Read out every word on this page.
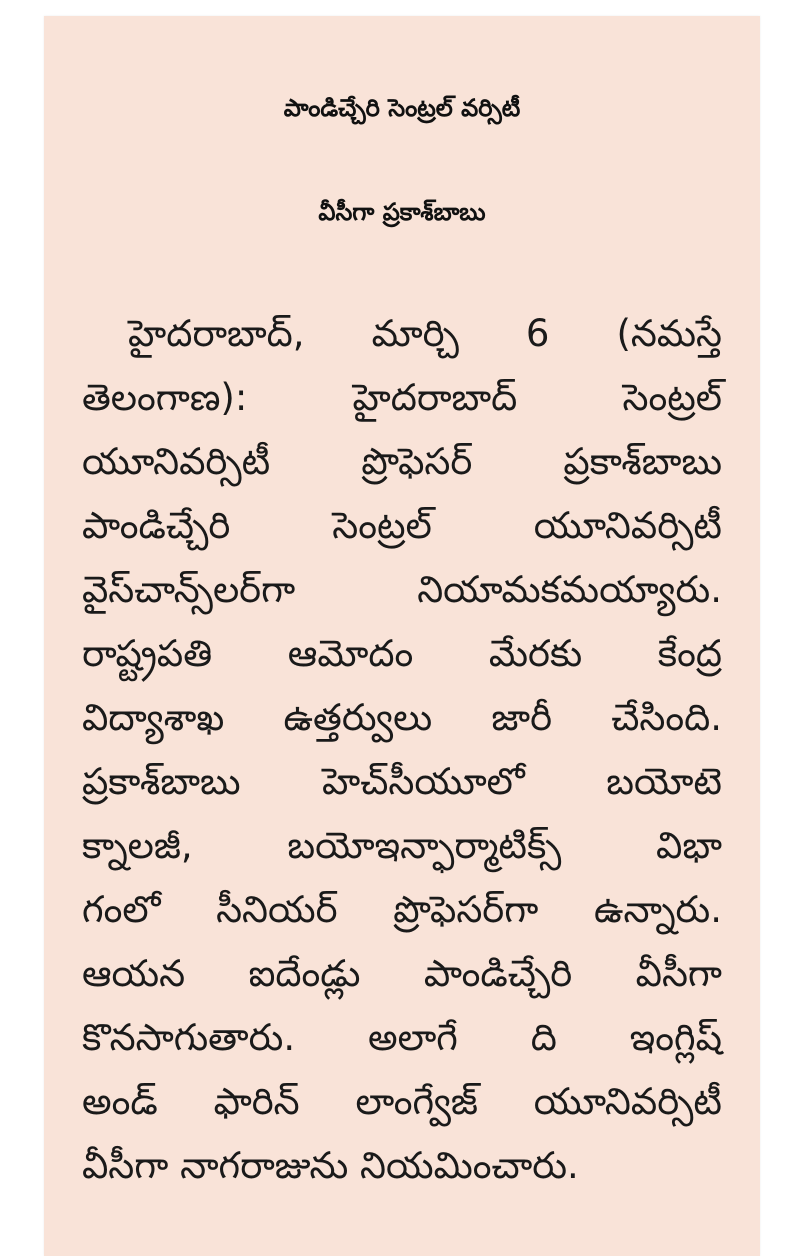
పాండిచ్చేరి సెంట్రల్ వర్సిటీ
వీసీగా ప్రకాశ్‌బాబు
హైదరాబాద్, మార్చి 6 (నమస్తే
తెలంగాణ): హైదరాబాద్ సెంట్రల్
యూనివర్సిటీ ప్రొఫెసర్ ప్రకాశ్‌బాబు
పాండిచ్చేరి సెంట్రల్ యూనివర్సిటీ
వైస్‌చాన్స్‌లర్‌గా నియామకమయ్యారు.
రాష్ట్రపతి ఆమోదం మేరకు కేంద్ర
విద్యాశాఖ ఉత్తర్వులు జారీ చేసింది.
ప్రకాశ్‌బాబు హెచ్‌సీయూలో బయోటె
క్నాలజీ, బయోఇన్ఫార్మాటిక్స్ విభా
గంలో సీనియర్ ప్రొఫెసర్‌గా ఉన్నారు.
ఆయన ఐదేండ్లు పాండిచ్చేరి వీసీగా
కొనసాగుతారు. అలాగే ది ఇంగ్లిష్
అండ్ ఫారిన్ లాంగ్వేజ్ యూనివర్సిటీ
వీసీగా నాగరాజును నియమించారు.
